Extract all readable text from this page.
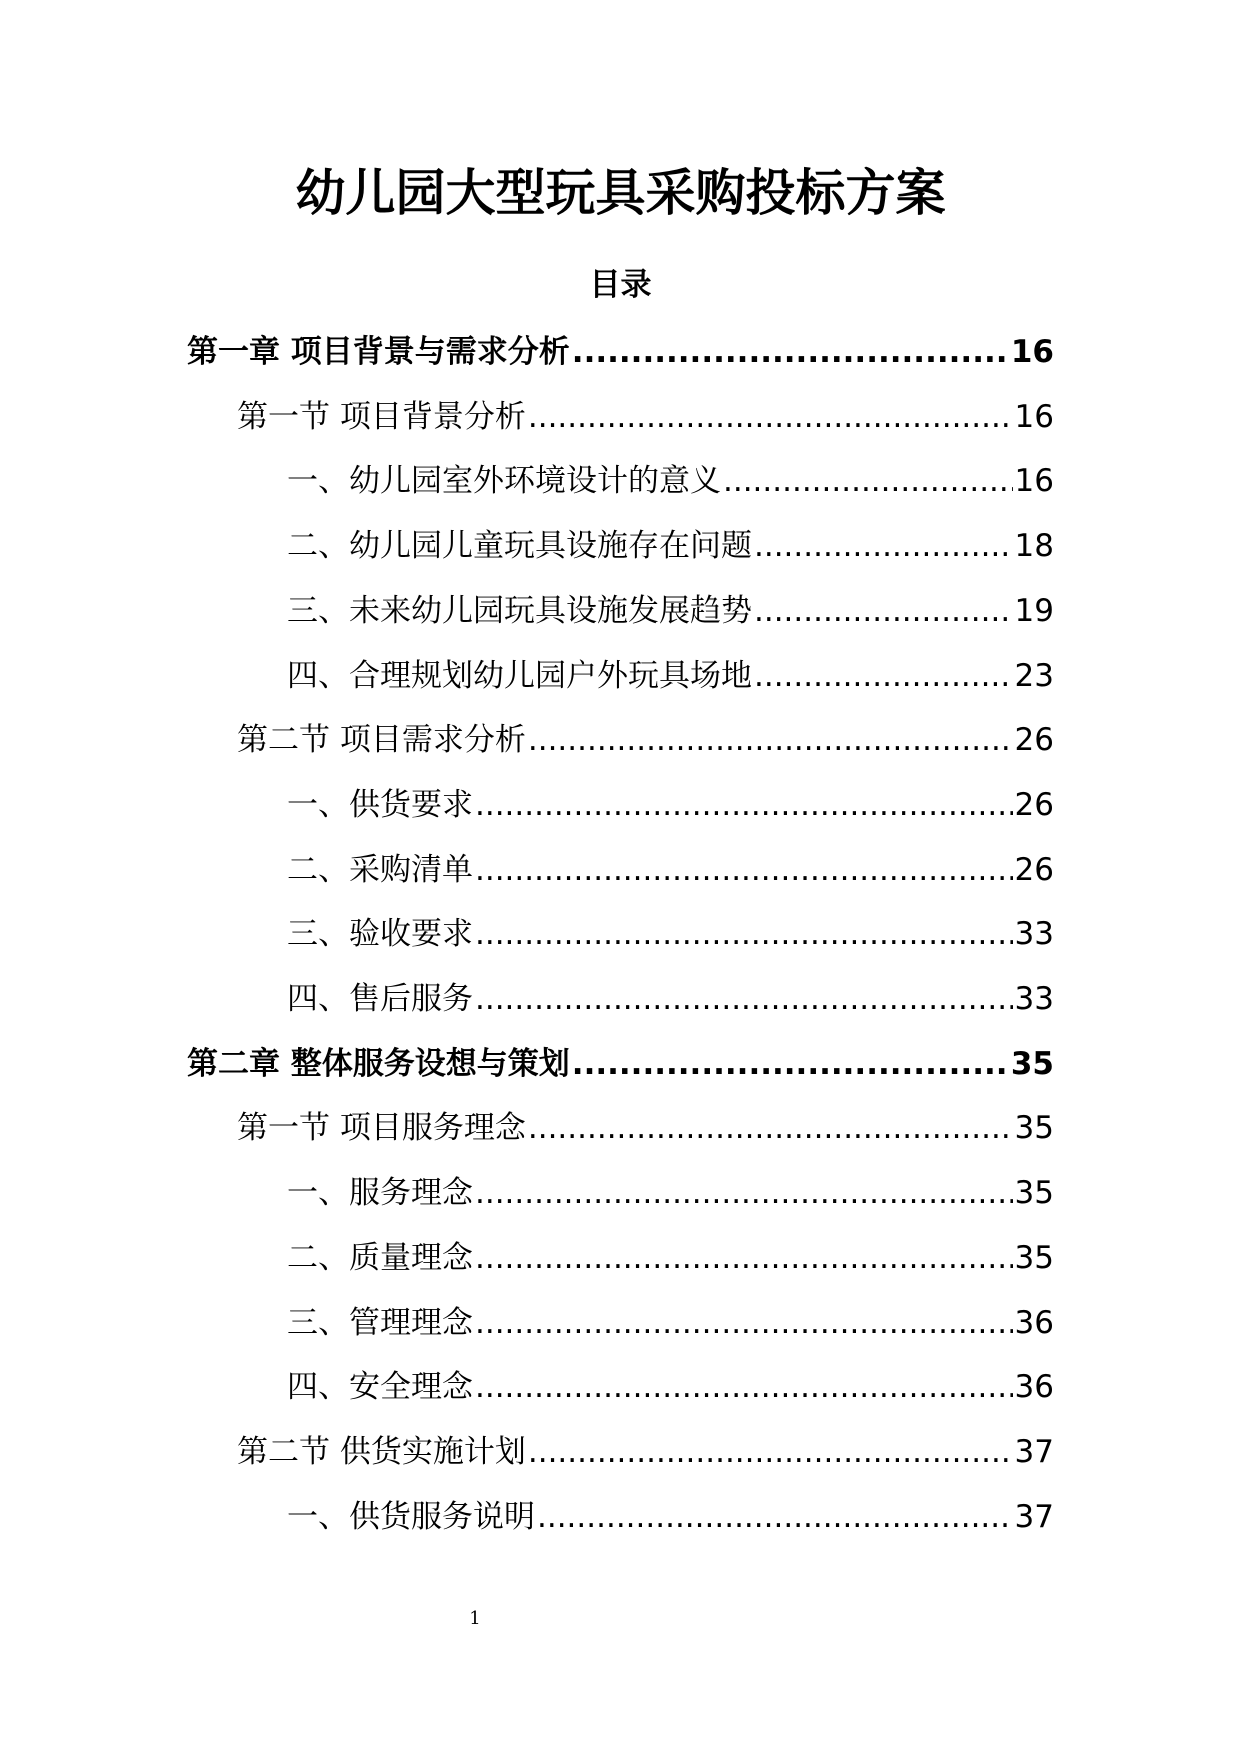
幼儿园大型玩具采购投标方案
目录
第一章 项目背景与需求分析 .....	16
第一节 项目背景分析 .....	16
一、幼儿园室外环境设计的意义 .....	16
二、幼儿园儿童玩具设施存在问题 .....	18
三、未来幼儿园玩具设施发展趋势 .....	19
四、合理规划幼儿园户外玩具场地 .....	23
第二节 项目需求分析 .....	26
一、供货要求 .....	26
二、采购清单 .....	26
三、验收要求 .....	33
四、售后服务 .....	33
第二章 整体服务设想与策划 .....	35
第一节 项目服务理念 .....	35
一、服务理念 .....	35
二、质量理念 .....	35
三、管理理念 .....	36
四、安全理念 .....	36
第二节 供货实施计划 .....	37
一、供货服务说明 .....	37
1
